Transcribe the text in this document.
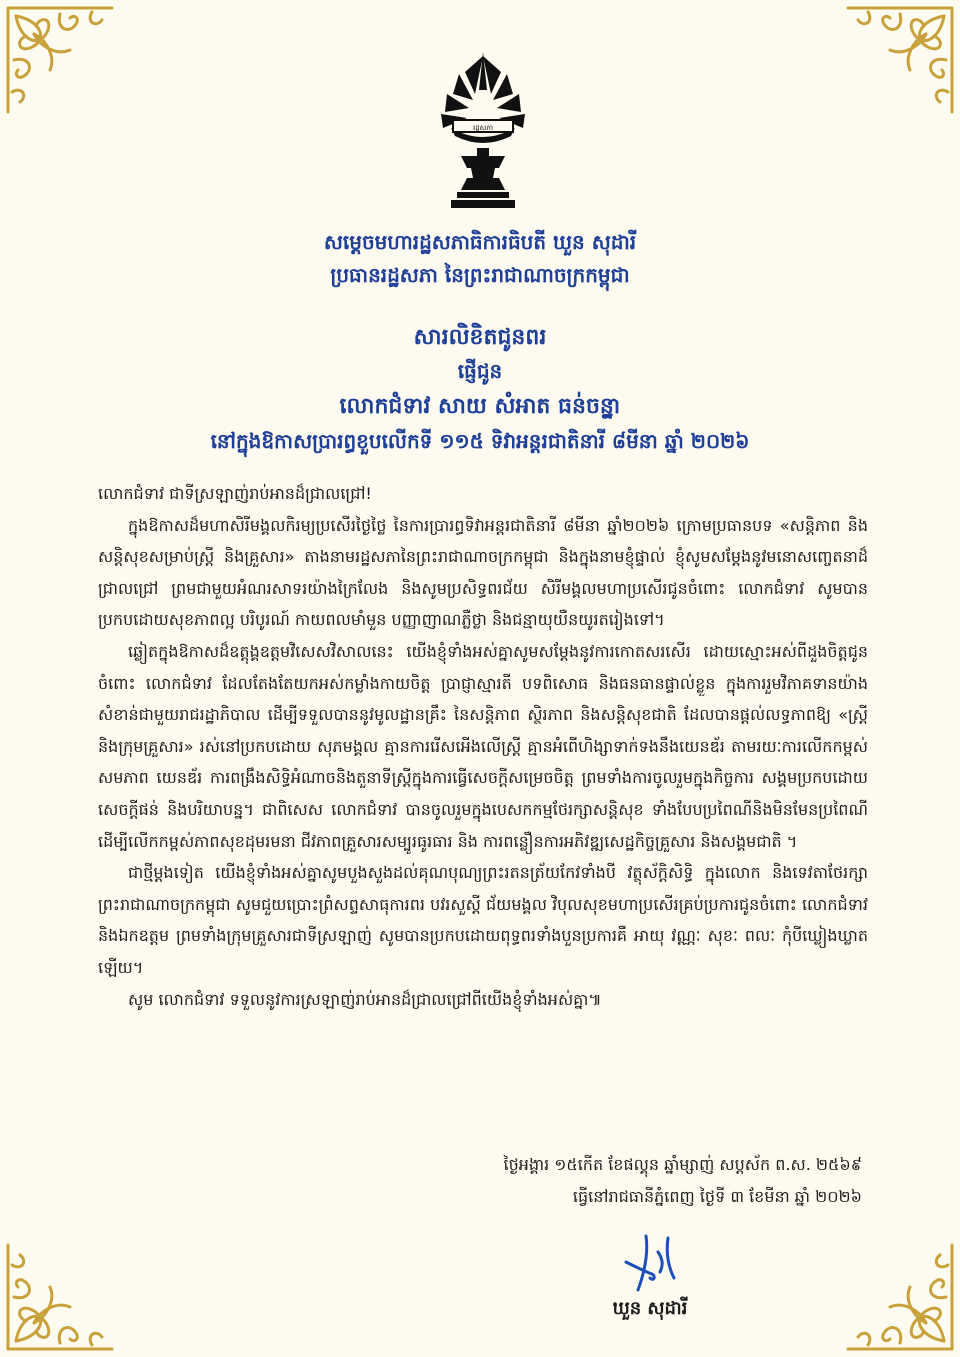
រដ្ឋសភា
សម្តេចមហារដ្ឋសភាធិការធិបតី ឃួន សុដារី
ប្រធានរដ្ឋសភា នៃព្រះរាជាណាចក្រកម្ពុជា
សារលិខិតជូនពរ
ផ្ញើជូន
លោកជំទាវ សាយ សំអាត ធន់ចន្ធ្នា
នៅក្នុងឱកាសប្រារព្ធខួបលើកទី ១១៥ ទិវាអន្តរជាតិនារី ៨មីនា ឆ្នាំ ២០២៦

លោកជំទាវ ជាទីស្រឡាញ់រាប់អានដ៏ជ្រាលជ្រៅ!

ក្នុងឱកាសដ៏មហាសិរីមង្គលកិរម្យប្រសើរថ្ងៃថ្លៃ នៃការប្រារព្ធទិវាអន្តរជាតិនារី ៨មីនា ឆ្នាំ២០២៦ ក្រោមប្រធានបទ «សន្តិភាព និងសន្តិសុខសម្រាប់ស្ត្រី និងគ្រួសារ» តាងនាមរដ្ឋសភានៃព្រះរាជាណាចក្រកម្ពុជា និងក្នុងនាមខ្ញុំផ្ទាល់ ខ្ញុំសូមសម្តែងនូវមនោសញ្ចេតនាដ៏ជ្រាលជ្រៅ ព្រមជាមួយអំណរសាទរយ៉ាងក្រៃលែង និងសូមប្រសិទ្ធពរជ័យ សិរីមង្គលមហាប្រសើរជូនចំពោះ លោកជំទាវ សូមបានប្រកបដោយសុខភាពល្អ បរិបូរណ៍ កាយពលមាំមួន បញ្ញាញាណភ្លឺថ្លា និងជន្មាយុយឺនយូរតរៀងទៅ។

ឆ្លៀតក្នុងឱកាសដ៏ឧត្តុង្គឧត្តមវិសេសវិសាលនេះ យើងខ្ញុំទាំងអស់គ្នាសូមសម្តែងនូវការកោតសរសើរ ដោយស្មោះអស់ពីដួងចិត្តជូនចំពោះ លោកជំទាវ ដែលតែងតែយកអស់កម្លាំងកាយចិត្ត ប្រាជ្ញាស្មារតី បទពិសោធ និងធនធានផ្ទាល់ខ្លួន ក្នុងការរួមវិភាគទានយ៉ាងសំខាន់ជាមួយរាជរដ្ឋាភិបាល ដើម្បីទទួលបាននូវមូលដ្ឋានគ្រឹះ នៃសន្តិភាព ស្ថិរភាព និងសន្តិសុខជាតិ ដែលបានផ្តល់លទ្ធភាពឱ្យ «ស្ត្រីនិងក្រុមគ្រួសារ» រស់នៅប្រកបដោយ សុភមង្គល គ្មានការរើសអើងលើស្ត្រី គ្មានអំពើហិង្សាទាក់ទងនឹងយេនឌ័រ តាមរយៈការលើកកម្ពស់សមភាព យេនឌ័រ ការពង្រឹងសិទ្ធិអំណាចនិងតួនាទីស្ត្រីក្នុងការធ្វើសេចក្តីសម្រេចចិត្ត ព្រមទាំងការចូលរួមក្នុងកិច្ចការ សង្គមប្រកបដោយសេចក្តីផន់ និងបរិយាបន្ន។ ជាពិសេស លោកជំទាវ បានចូលរួមក្នុងបេសកកម្មថែរក្សាសន្តិសុខ ទាំងបែបប្រពៃណីនិងមិនមែនប្រពៃណី ដើម្បីលើកកម្ពស់ភាពសុខដុមរមនា ជីវភាពគ្រួសារសម្បូរធូរធារ និង ការពន្លឿនការអភិវឌ្ឍសេដ្ឋកិច្ចគ្រួសារ និងសង្គមជាតិ ។

ជាថ្មីម្តងទៀត យើងខ្ញុំទាំងអស់គ្នាសូមបួងសួងដល់គុណបុណ្យព្រះរតនត្រ័យកែវទាំងបី វត្ថុស័ក្តិសិទ្ធិ ក្នុងលោក និងទេវតាថែរក្សាព្រះរាជាណាចក្រកម្ពុជា សូមជួយប្រោះព្រំសព្ទសាធុការពរ បវរសួស្តី ជ័យមង្គល វិបុលសុខមហាប្រសើរគ្រប់ប្រការជូនចំពោះ លោកជំទាវ និងឯកឧត្តម ព្រមទាំងក្រុមគ្រួសារជាទីស្រឡាញ់ សូមបានប្រកបដោយពុទ្ធពរទាំងបួនប្រការគឺ អាយុ វណ្ណៈ សុខៈ ពលៈ កុំបីឃ្លៀងឃ្លាតឡើយ។

សូម លោកជំទាវ ទទួលនូវការស្រឡាញ់រាប់អានដ៏ជ្រាលជ្រៅពីយើងខ្ញុំទាំងអស់គ្នា៕

ថ្ងៃអង្គារ ១៥កើត ខែផល្គុន ឆ្នាំម្សាញ់ សប្តស័ក ព.ស. ២៥៦៩
ធ្វើនៅរាជធានីភ្នំពេញ ថ្ងៃទី ៣ ខែមីនា ឆ្នាំ ២០២៦
ឃួន សុដារី
